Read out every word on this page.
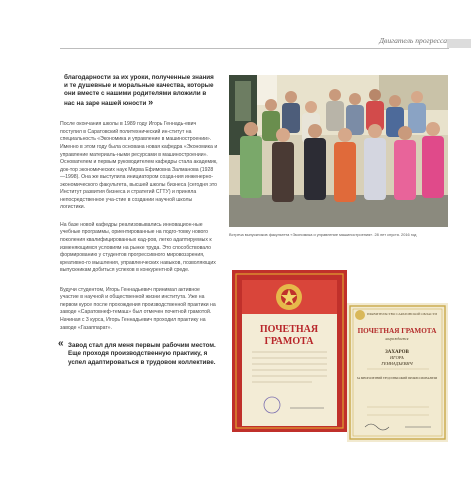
Двигатель прогресса
благодарности за их уроки, полученные знания и те душевные и моральные качества, которые они вместе с нашими родителями вложили в нас на заре нашей юности »

После окончания школы в 1989 году Игорь Геннадь-евич поступил в Саратовский политехнический ин-ститут на специальность «Экономика и управление в машиностроении». Именно в этом году была основана новая кафедра «Экономика и управление материаль-ными ресурсами в машиностроении». Основателем и первым руководителем кафедры стала академик, док-тор экономических наук Мирва Ефимовна Залманова (1928—1998). Она же выступила инициатором созда-ния инженерно-экономического факультета, высшей школы бизнеса (сегодня это Институт развития бизнеса и стратегий СГТУ) и приняла непосредственное уча-стие в создании научной школы логистики.

На базе новой кафедры реализовывались инновацион-ные учебные программы, ориентированные на подго-товку нового поколения квалифицированных кад-ров, легко адаптируемых к изменяющимся условиям на рынке труда. Это способствовало формированию у студентов прогрессивного мировоззрения, креативно-го мышления, управленческих навыков, позволяющих выпускникам добиться успехов в конкурентной среде.

Будучи студентом, Игорь Геннадьевич принимал активное участие в научной и общественной жизни института. Уже на первом курсе после прохождения производственной практики на заводе «Саратовнеф-темаш» был отмечен почетной грамотой. Начиная с 3 курса, Игорь Геннадьевич проходил практику на заводе «Газаппарат».

« Завод стал для меня первым рабочим местом. Еще проходя производственную практику, я успел адаптироваться в трудовом коллективе.
Встреча выпускников факультета «Экономика и управление машиностроения». 28 лет спустя. 2016 год
ПОЧЕТНАЯ
ГРАМОТА
ПРАВИТЕЛЬСТВО САРАТОВСКОЙ ОБЛАСТИ
ПОЧЕТНАЯ ГРАМОТА
награждается
ЗАХАРОВ
ИГОРЬ
ГЕННАДЬЕВИЧ
ЗА МНОГОЛЕТНИЙ ТРУД И ВЫСОКИЙ ПРОФЕССИОНАЛИЗМ
